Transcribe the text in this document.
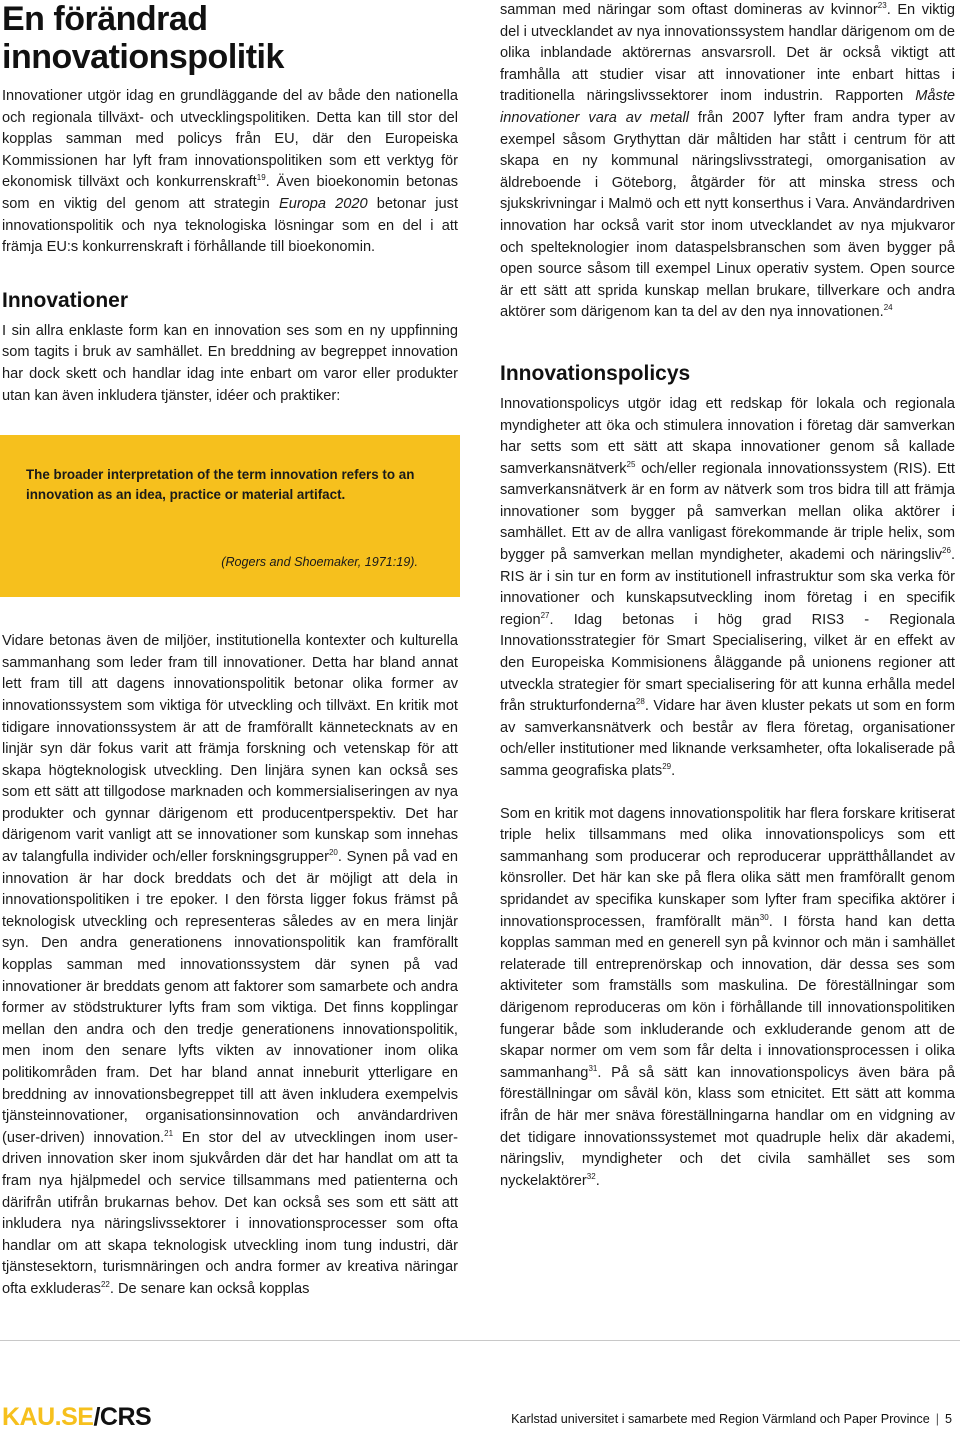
En förändrad innovationspolitik

Innovationer utgör idag en grundläggande del av både den nationella och regionala tillväxt- och utvecklingspolitiken. Detta kan till stor del kopplas samman med policys från EU, där den Europeiska Kommissionen har lyft fram innovationspolitiken som ett verktyg för ekonomisk tillväxt och konkurrenskraft$^{19}$. Även bioekonomin betonas som en viktig del genom att strategin Europa 2020 betonar just innovationspolitik och nya teknologiska lösningar som en del i att främja EU:s konkurrenskraft i förhållande till bioekonomin.

Innovationer

I sin allra enklaste form kan en innovation ses som en ny uppfinning som tagits i bruk av samhället. En breddning av begreppet innovation har dock skett och handlar idag inte enbart om varor eller produkter utan kan även inkludera tjänster, idéer och praktiker:

The broader interpretation of the term innovation refers to an innovation as an idea, practice or material artifact.

(Rogers and Shoemaker, 1971:19).

Vidare betonas även de miljöer, institutionella kontexter och kulturella sammanhang som leder fram till innovationer. Detta har bland annat lett fram till att dagens innovationspolitik betonar olika former av innovationssystem som viktiga för utveckling och tillväxt. En kritik mot tidigare innovationssystem är att de framförallt kännetecknats av en linjär syn där fokus varit att främja forskning och vetenskap för att skapa högteknologisk utveckling. Den linjära synen kan också ses som ett sätt att tillgodose marknaden och kommersialiseringen av nya produkter och gynnar därigenom ett producentperspektiv. Det har därigenom varit vanligt att se innovationer som kunskap som innehas av talangfulla individer och/eller forskningsgrupper$^{20}$. Synen på vad en innovation är har dock breddats och det är möjligt att dela in innovationspolitiken i tre epoker. I den första ligger fokus främst på teknologisk utveckling och representeras således av en mera linjär syn. Den andra generationens innovationspolitik kan framförallt kopplas samman med innovationssystem där synen på vad innovationer är breddats genom att faktorer som samarbete och andra former av stödstrukturer lyfts fram som viktiga. Det finns kopplingar mellan den andra och den tredje generationens innovationspolitik, men inom den senare lyfts vikten av innovationer inom olika politikområden fram. Det har bland annat inneburit ytterligare en breddning av innovationsbegreppet till att även inkludera exempelvis tjänsteinnovationer, organisationsinnovation och användardriven (user-driven) innovation.$^{21}$ En stor del av utvecklingen inom user-driven innovation sker inom sjukvården där det har handlat om att ta fram nya hjälpmedel och service tillsammans med patienterna och därifrån utifrån brukarnas behov. Det kan också ses som ett sätt att inkludera nya näringslivssektorer i innovationsprocesser som ofta handlar om att skapa teknologisk utveckling inom tung industri, där tjänstesektorn, turismnäringen och andra former av kreativa näringar ofta exkluderas$^{22}$. De senare kan också kopplas

samman med näringar som oftast domineras av kvinnor$^{23}$. En viktig del i utvecklandet av nya innovationssystem handlar därigenom om de olika inblandade aktörernas ansvarsroll. Det är också viktigt att framhålla att studier visar att innovationer inte enbart hittas i traditionella näringslivssektorer inom industrin. Rapporten Måste innovationer vara av metall från 2007 lyfter fram andra typer av exempel såsom Grythyttan där måltiden har stått i centrum för att skapa en ny kommunal näringslivsstrategi, omorganisation av äldreboende i Göteborg, åtgärder för att minska stress och sjukskrivningar i Malmö och ett nytt konserthus i Vara. Användardriven innovation har också varit stor inom utvecklandet av nya mjukvaror och spelteknologier inom dataspelsbranschen som även bygger på open source såsom till exempel Linux operativ system. Open source är ett sätt att sprida kunskap mellan brukare, tillverkare och andra aktörer som därigenom kan ta del av den nya innovationen.$^{24}$

Innovationspolicys

Innovationspolicys utgör idag ett redskap för lokala och regionala myndigheter att öka och stimulera innovation i företag där samverkan har setts som ett sätt att skapa innovationer genom så kallade samverkansnätverk$^{25}$ och/eller regionala innovationssystem (RIS). Ett samverkansnätverk är en form av nätverk som tros bidra till att främja innovationer som bygger på samverkan mellan olika aktörer i samhället. Ett av de allra vanligast förekommande är triple helix, som bygger på samverkan mellan myndigheter, akademi och näringsliv$^{26}$. RIS är i sin tur en form av institutionell infrastruktur som ska verka för innovationer och kunskapsutveckling inom företag i en specifik region$^{27}$. Idag betonas i hög grad RIS3 - Regionala Innovationsstrategier för Smart Specialisering, vilket är en effekt av den Europeiska Kommisionens åläggande på unionens regioner att utveckla strategier för smart specialisering för att kunna erhålla medel från strukturfonderna$^{28}$. Vidare har även kluster pekats ut som en form av samverkansnätverk och består av flera företag, organisationer och/eller institutioner med liknande verksamheter, ofta lokaliserade på samma geografiska plats$^{29}$.

Som en kritik mot dagens innovationspolitik har flera forskare kritiserat triple helix tillsammans med olika innovationspolicys som ett sammanhang som producerar och reproducerar upprätthållandet av könsroller. Det här kan ske på flera olika sätt men framförallt genom spridandet av specifika kunskaper som lyfter fram specifika aktörer i innovationsprocessen, framförallt män$^{30}$. I första hand kan detta kopplas samman med en generell syn på kvinnor och män i samhället relaterade till entreprenörskap och innovation, där dessa ses som aktiviteter som framställs som maskulina. De föreställningar som därigenom reproduceras om kön i förhållande till innovationspolitiken fungerar både som inkluderande och exkluderande genom att de skapar normer om vem som får delta i innovationsprocessen i olika sammanhang$^{31}$. På så sätt kan innovationspolicys även bära på föreställningar om såväl kön, klass som etnicitet. Ett sätt att komma ifrån de här mer snäva föreställningarna handlar om en vidgning av det tidigare innovationssystemet mot quadruple helix där akademi, näringsliv, myndigheter och det civila samhället ses som nyckelaktörer$^{32}$.

KAU.SE/CRS	Karlstad universitet i samarbete med Region Värmland och Paper Province | 5
